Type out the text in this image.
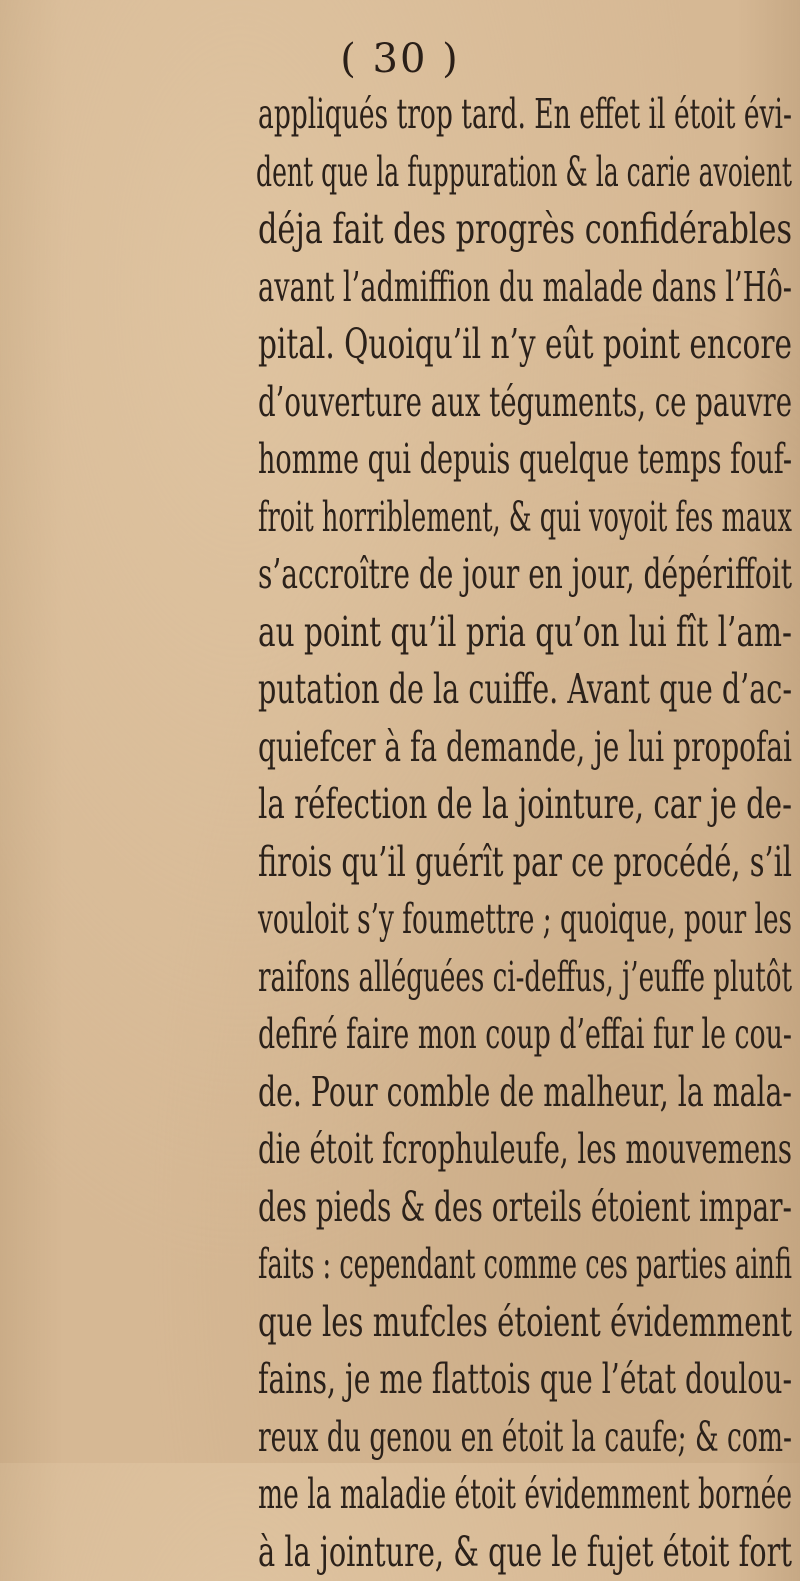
( 30 )
appliqués trop tard. En effet il étoit évi-
dent que la fuppuration & la carie avoient
déja fait des progrès confidérables
avant l’admiffion du malade dans l’Hô-
pital. Quoiqu’il n’y eût point encore
d’ouverture aux téguments, ce pauvre
homme qui depuis quelque temps fouf-
froit horriblement, & qui voyoit fes maux
s’accroître de jour en jour, dépériffoit
au point qu’il pria qu’on lui fît l’am-
putation de la cuiffe. Avant que d’ac-
quiefcer à fa demande, je lui propofai
la réfection de la jointure, car je de-
firois qu’il guérît par ce procédé, s’il
vouloit s’y foumettre ; quoique, pour les
raifons alléguées ci-deffus, j’euffe plutôt
defiré faire mon coup d’effai fur le cou-
de. Pour comble de malheur, la mala-
die étoit fcrophuleufe, les mouvemens
des pieds & des orteils étoient impar-
faits : cependant comme ces parties ainfi
que les mufcles étoient évidemment
fains, je me flattois que l’état doulou-
reux du genou en étoit la caufe; & com-
me la maladie étoit évidemment bornée
à la jointure, & que le fujet étoit fort
